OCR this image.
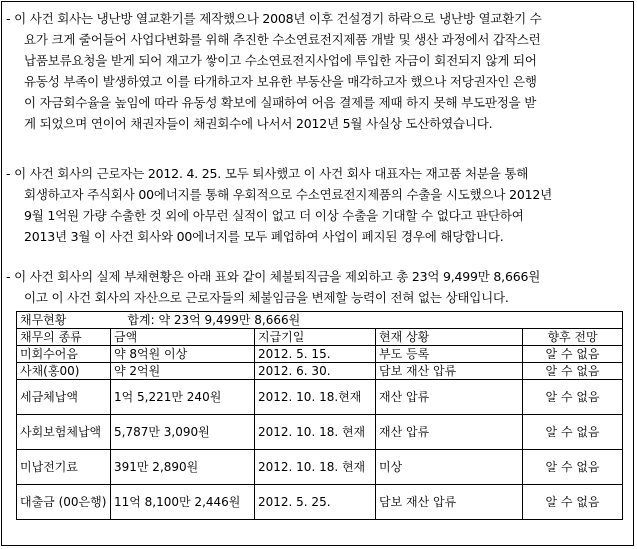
- 이 사건 회사는 냉난방 열교환기를 제작했으나 2008년 이후 건설경기 하락으로 냉난방 열교환기 수
요가 크게 줄어들어 사업다변화를 위해 추진한 수소연료전지제품 개발 및 생산 과정에서 갑작스런
납품보류요청을 받게 되어 재고가 쌓이고 수소연료전지사업에 투입한 자금이 회전되지 않게 되어
유동성 부족이 발생하였고 이를 타개하고자 보유한 부동산을 매각하고자 했으나 저당권자인 은행
이 자금회수율을 높임에 따라 유동성 확보에 실패하여 어음 결제를 제때 하지 못해 부도판정을 받
게 되었으며 연이어 채권자들이 채권회수에 나서서 2012년 5월 사실상 도산하였습니다.
- 이 사건 회사의 근로자는 2012. 4. 25. 모두 퇴사했고 이 사건 회사 대표자는 재고품 처분을 통해
회생하고자 주식회사 00에너지를 통해 우회적으로 수소연료전지제품의 수출을 시도했으나 2012년
9월 1억원 가량 수출한 것 외에 아무런 실적이 없고 더 이상 수출을 기대할 수 없다고 판단하여
2013년 3월 이 사건 회사와 00에너지를 모두 폐업하여 사업이 폐지된 경우에 해당합니다.
- 이 사건 회사의 실제 부채현황은 아래 표와 같이 체불퇴직금을 제외하고 총 23억 9,499만 8,666원
이고 이 사건 회사의 자산으로 근로자들의 체불임금을 변제할 능력이 전혀 없는 상태입니다.
채무현황 합계: 약 23억 9,499만 8,666원				
채무의 종류	금액	지급기일	현재 상황	향후 전망
미회수어음	약 8억원 이상	2012. 5. 15.	부도 등록	알 수 없음
사채(홍00)	약 2억원	2012. 6. 30.	담보 재산 압류	알 수 없음
세금체납액	1억 5,221만 240원	2012. 10. 18.현재	재산 압류	알 수 없음
사회보험체납액	5,787만 3,090원	2012. 10. 18. 현재	재산 압류	알 수 없음
미납전기료	391만 2,890원	2012. 10. 18. 현재	미상	알 수 없음
대출금 (00은행)	11억 8,100만 2,446원	2012. 5. 25.	담보 재산 압류	알 수 없음
